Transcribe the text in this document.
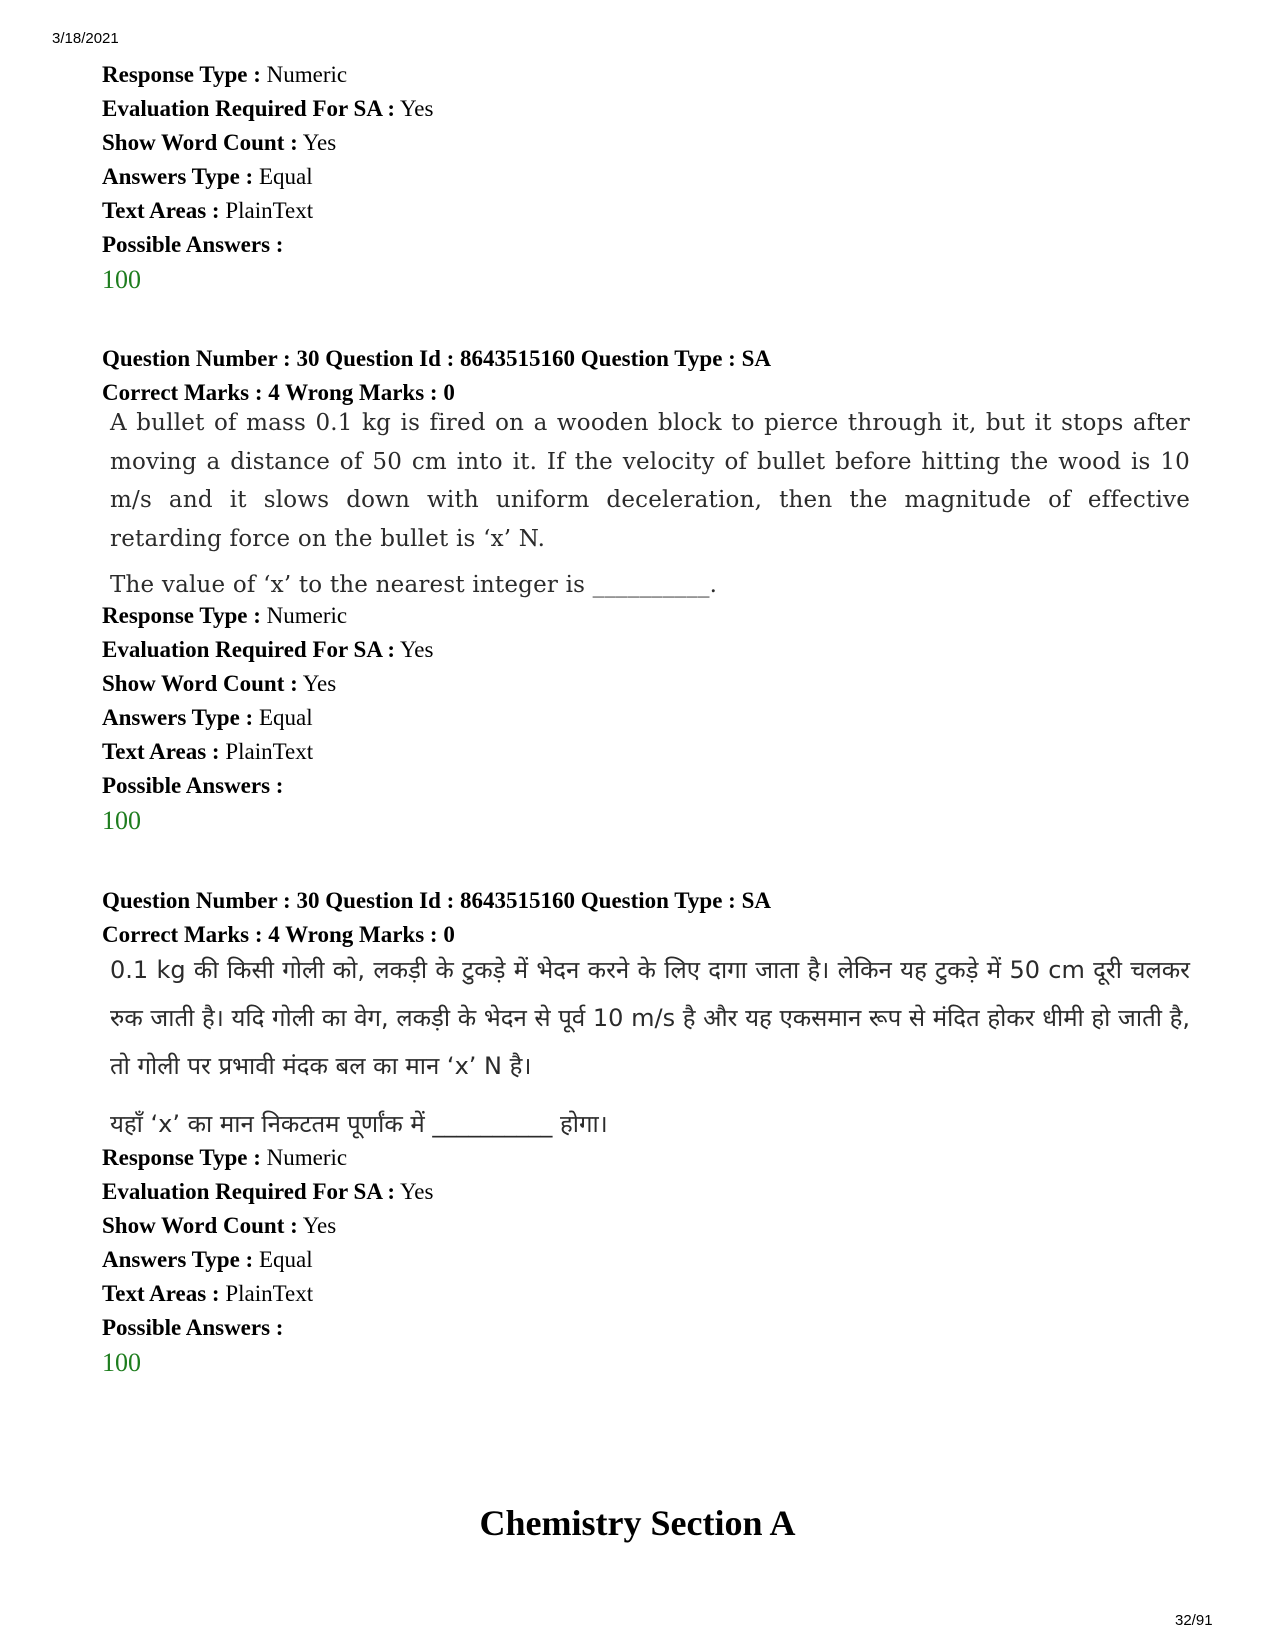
3/18/2021
Response Type : Numeric
Evaluation Required For SA : Yes
Show Word Count : Yes
Answers Type : Equal
Text Areas : PlainText
Possible Answers :
100
Question Number : 30 Question Id : 8643515160 Question Type : SA
Correct Marks : 4 Wrong Marks : 0

A bullet of mass 0.1 kg is fired on a wooden block to pierce through it, but it stops after moving a distance of 50 cm into it. If the velocity of bullet before hitting the wood is 10 m/s and it slows down with uniform deceleration, then the magnitude of effective retarding force on the bullet is ‘x’ N.

The value of ‘x’ to the nearest integer is __________.

Response Type : Numeric
Evaluation Required For SA : Yes
Show Word Count : Yes
Answers Type : Equal
Text Areas : PlainText
Possible Answers :
100
Question Number : 30 Question Id : 8643515160 Question Type : SA
Correct Marks : 4 Wrong Marks : 0

0.1 kg की किसी गोली को, लकड़ी के टुकड़े में भेदन करने के लिए दागा जाता है। लेकिन यह टुकड़े में 50 cm दूरी चलकर रुक जाती है। यदि गोली का वेग, लकड़ी के भेदन से पूर्व 10 m/s है और यह एकसमान रूप से मंदित होकर धीमी हो जाती है, तो गोली पर प्रभावी मंदक बल का मान ‘x’ N है।

यहाँ ‘x’ का मान निकटतम पूर्णांक में __________ होगा।

Response Type : Numeric
Evaluation Required For SA : Yes
Show Word Count : Yes
Answers Type : Equal
Text Areas : PlainText
Possible Answers :
100
Chemistry Section A
32/91
